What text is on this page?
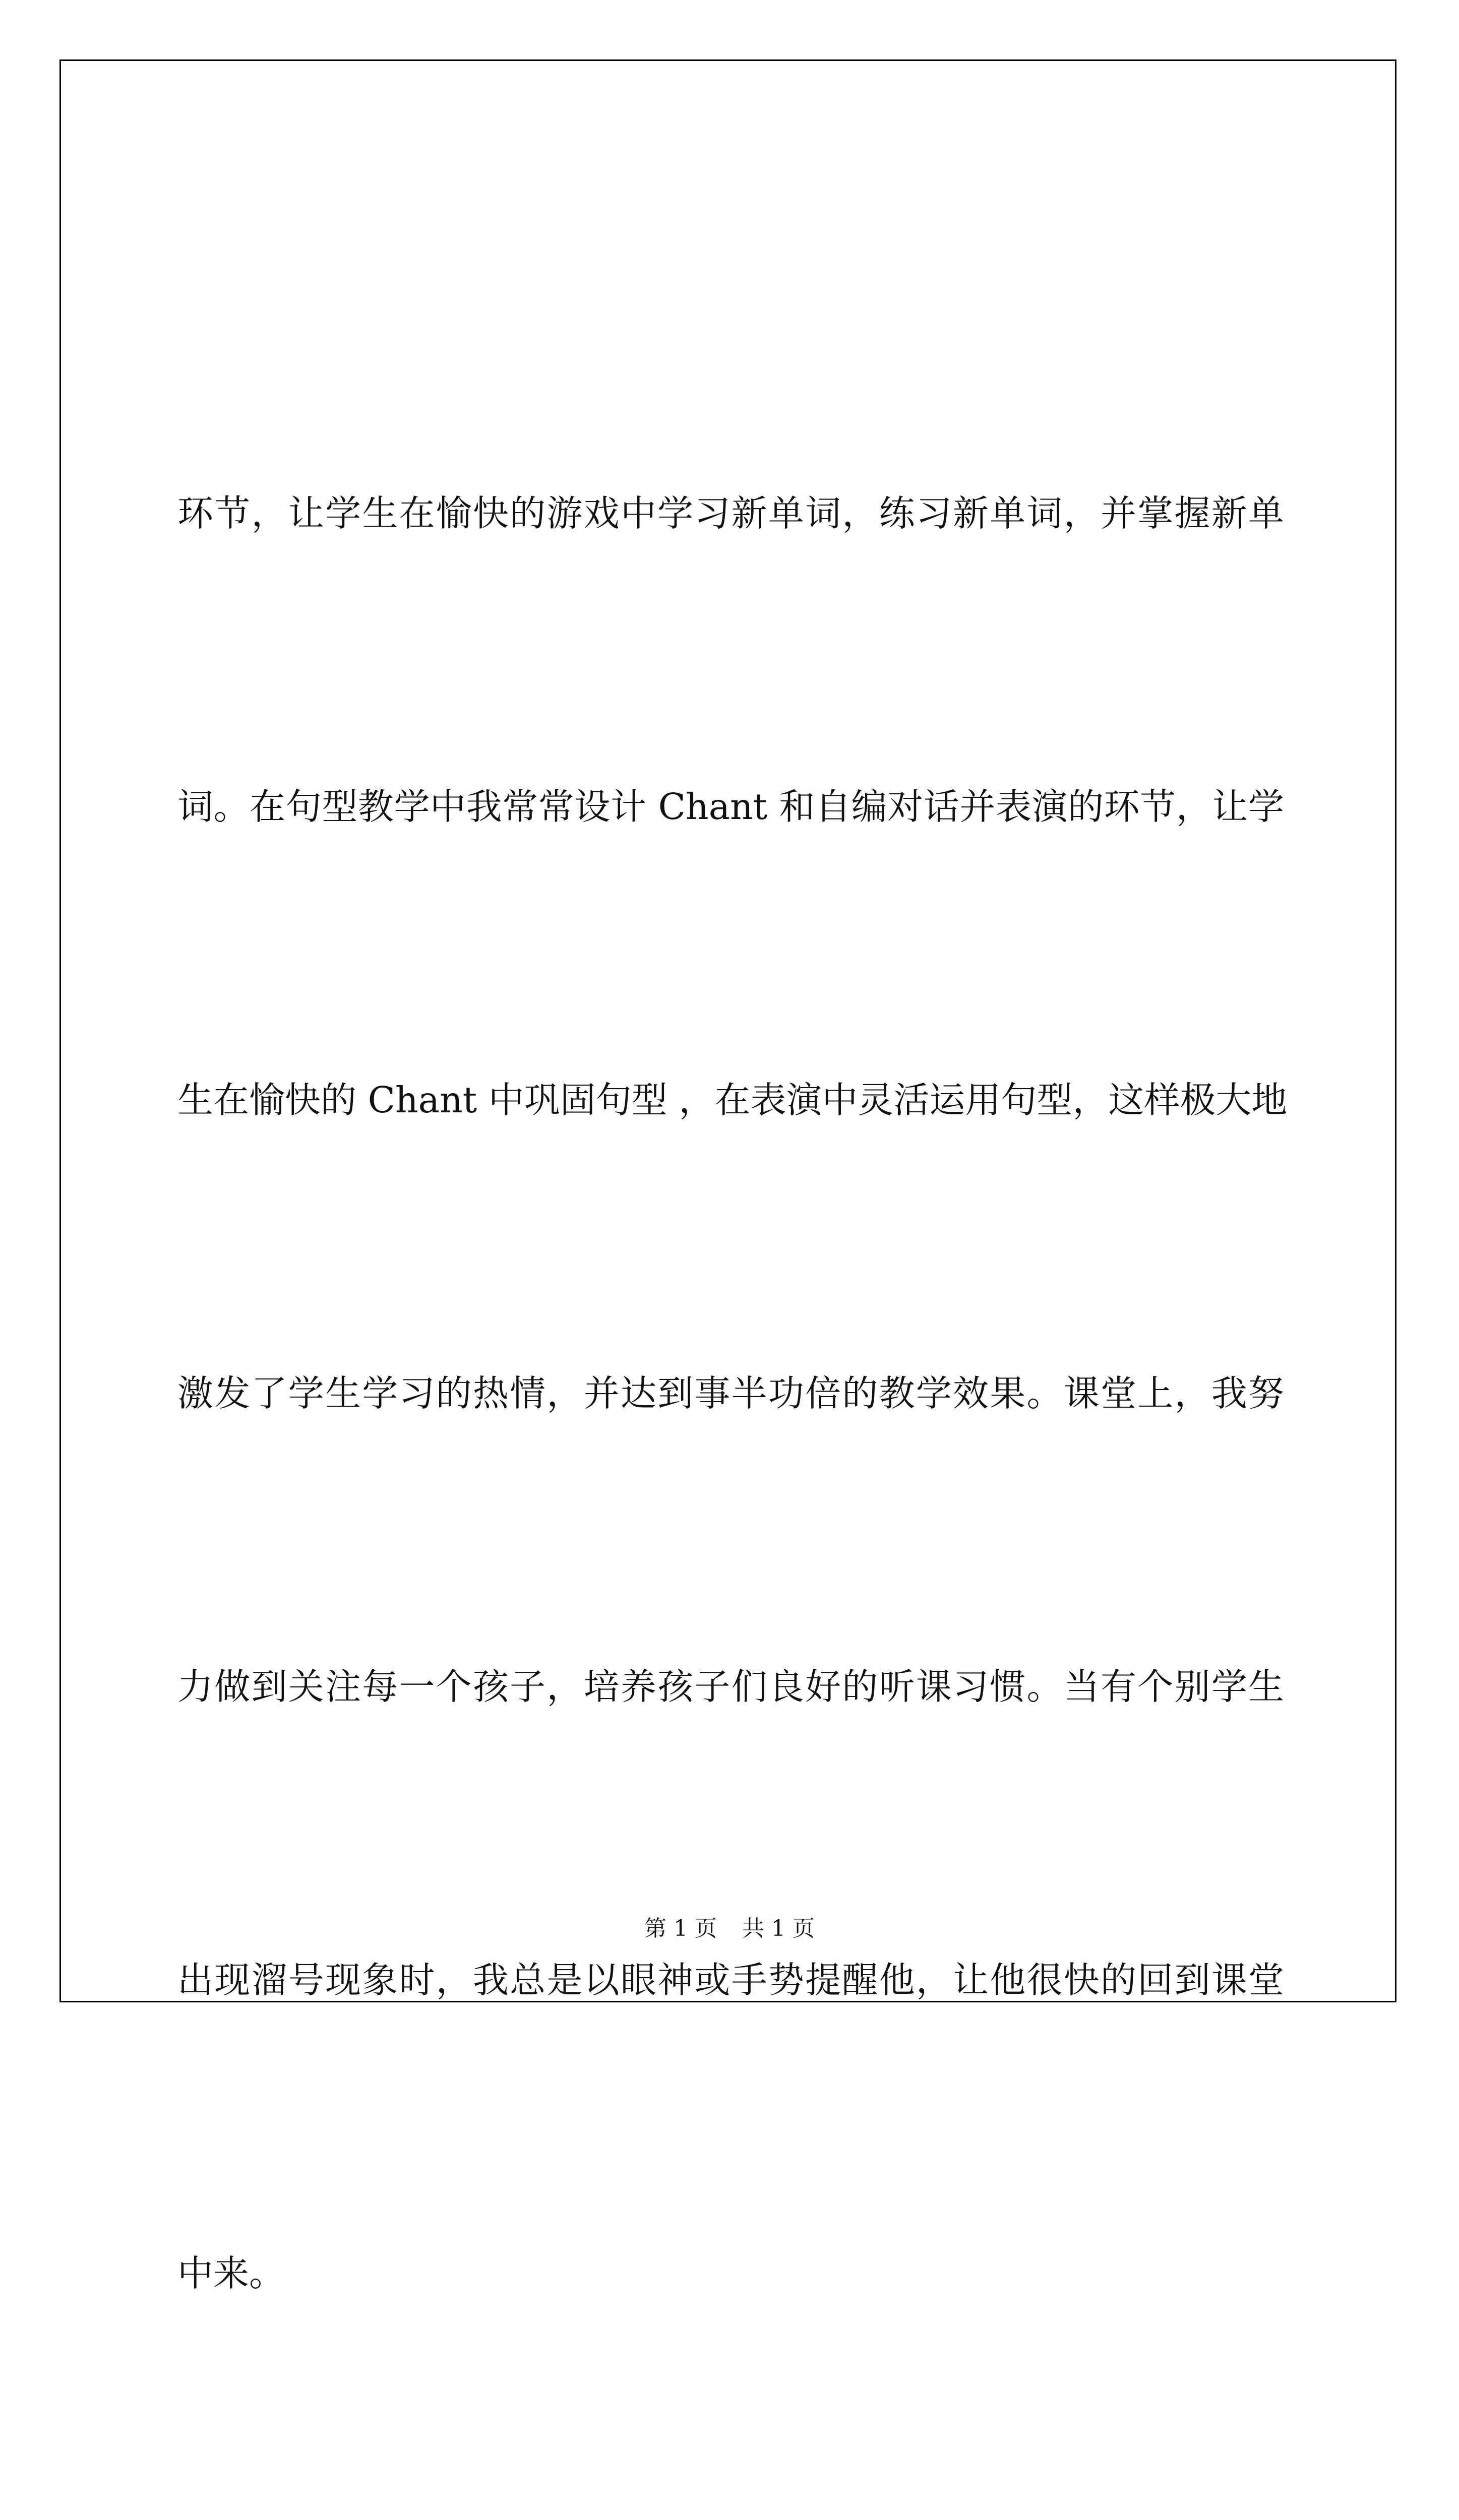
环节，让学生在愉快的游戏中学习新单词，练习新单词，并掌握新单

词。在句型教学中我常常设计 Chant 和自编对话并表演的环节，让学

生在愉快的 Chant 中巩固句型 ，在表演中灵活运用句型，这样极大地

激发了学生学习的热情，并达到事半功倍的教学效果。课堂上，我努

力做到关注每一个孩子，培养孩子们良好的听课习惯。当有个别学生

出现溜号现象时，我总是以眼神或手势提醒他，让他很快的回到课堂

中来。

第 1 页 共 1 页
